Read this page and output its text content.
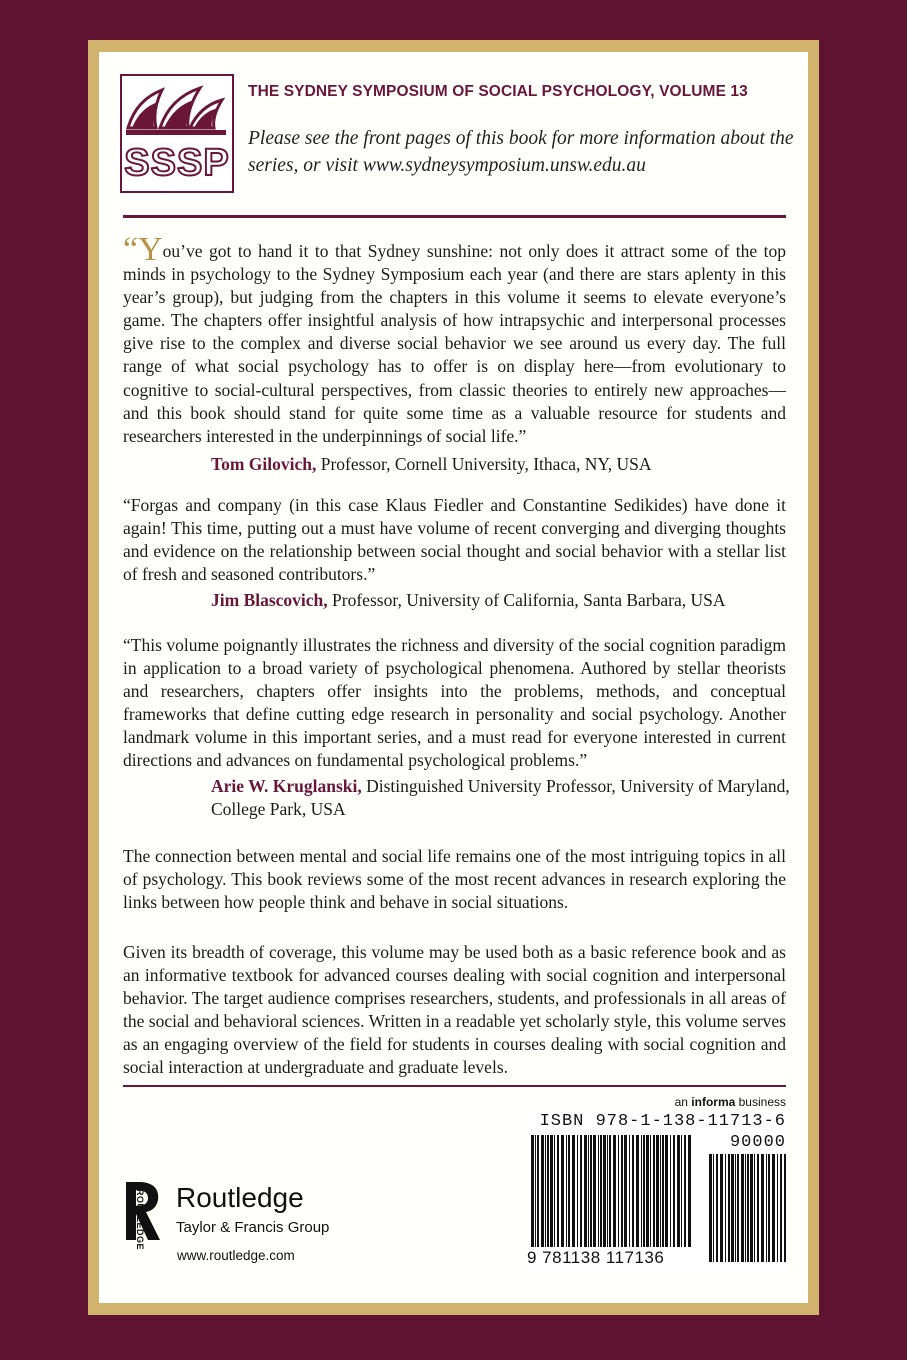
SSSP
THE SYDNEY SYMPOSIUM OF SOCIAL PSYCHOLOGY, VOLUME 13
Please see the front pages of this book for more information about the series, or visit www.sydneysymposium.unsw.edu.au
“You’ve got to hand it to that Sydney sunshine: not only does it attract some of the top minds in psychology to the Sydney Symposium each year (and there are stars aplenty in this year’s group), but judging from the chapters in this volume it seems to elevate everyone’s game. The chapters offer insightful analysis of how intrapsychic and interpersonal processes give rise to the complex and diverse social behavior we see around us every day. The full range of what social psychology has to offer is on display here—from evolutionary to cognitive to social-cultural perspectives, from classic theories to entirely new approaches—and this book should stand for quite some time as a valuable resource for students and researchers interested in the underpinnings of social life.”
Tom Gilovich, Professor, Cornell University, Ithaca, NY, USA
“Forgas and company (in this case Klaus Fiedler and Constantine Sedikides) have done it again! This time, putting out a must have volume of recent converging and diverging thoughts and evidence on the relationship between social thought and social behavior with a stellar list of fresh and seasoned contributors.”
Jim Blascovich, Professor, University of California, Santa Barbara, USA
“This volume poignantly illustrates the richness and diversity of the social cognition paradigm in application to a broad variety of psychological phenomena. Authored by stellar theorists and researchers, chapters offer insights into the problems, methods, and conceptual frameworks that define cutting edge research in personality and social psychology. Another landmark volume in this important series, and a must read for everyone interested in current directions and advances on fundamental psychological problems.”
Arie W. Kruglanski, Distinguished University Professor, University of Maryland, College Park, USA
The connection between mental and social life remains one of the most intriguing topics in all of psychology. This book reviews some of the most recent advances in research exploring the links between how people think and behave in social situations.
Given its breadth of coverage, this volume may be used both as a basic reference book and as an informative textbook for advanced courses dealing with social cognition and interpersonal behavior. The target audience comprises researchers, students, and professionals in all areas of the social and behavioral sciences. Written in a readable yet scholarly style, this volume serves as an engaging overview of the field for students in courses dealing with social cognition and social interaction at undergraduate and graduate levels.
an informa business
ROUTLEDGE Routledge
Taylor & Francis Group
www.routledge.com
ISBN 978-1-138-11713-6
90000
9 781138 117136
